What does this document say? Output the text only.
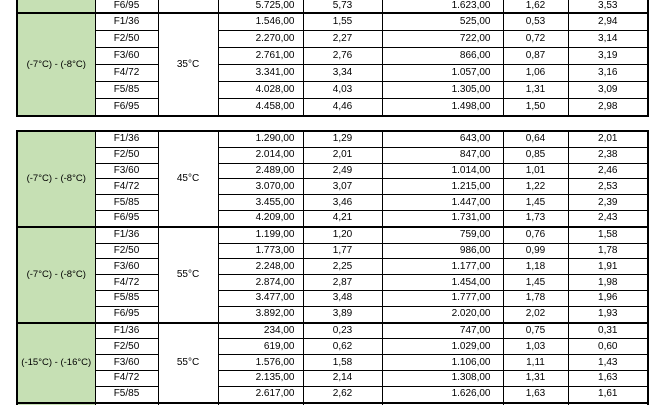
	F6/95		5.725,00	5,73	1.623,00	1,62	3,53
(-7°C) - (-8°C)	F1/36	35°C	1.546,00	1,55	525,00	0,53	2,94
	F2/50		2.270,00	2,27	722,00	0,72	3,14
	F3/60		2.761,00	2,76	866,00	0,87	3,19
	F4/72		3.341,00	3,34	1.057,00	1,06	3,16
	F5/85		4.028,00	4,03	1.305,00	1,31	3,09
	F6/95		4.458,00	4,46	1.498,00	1,50	2,98
(-7°C) - (-8°C)	F1/36	45°C	1.290,00	1,29	643,00	0,64	2,01
	F2/50		2.014,00	2,01	847,00	0,85	2,38
	F3/60		2.489,00	2,49	1.014,00	1,01	2,46
	F4/72		3.070,00	3,07	1.215,00	1,22	2,53
	F5/85		3.455,00	3,46	1.447,00	1,45	2,39
	F6/95		4.209,00	4,21	1.731,00	1,73	2,43
(-7°C) - (-8°C)	F1/36	55°C	1.199,00	1,20	759,00	0,76	1,58
	F2/50		1.773,00	1,77	986,00	0,99	1,78
	F3/60		2.248,00	2,25	1.177,00	1,18	1,91
	F4/72		2.874,00	2,87	1.454,00	1,45	1,98
	F5/85		3.477,00	3,48	1.777,00	1,78	1,96
	F6/95		3.892,00	3,89	2.020,00	2,02	1,93
(-15°C) - (-16°C)	F1/36	55°C	234,00	0,23	747,00	0,75	0,31
	F2/50		619,00	0,62	1.029,00	1,03	0,60
	F3/60		1.576,00	1,58	1.106,00	1,11	1,43
	F4/72		2.135,00	2,14	1.308,00	1,31	1,63
	F5/85		2.617,00	2,62	1.626,00	1,63	1,61
